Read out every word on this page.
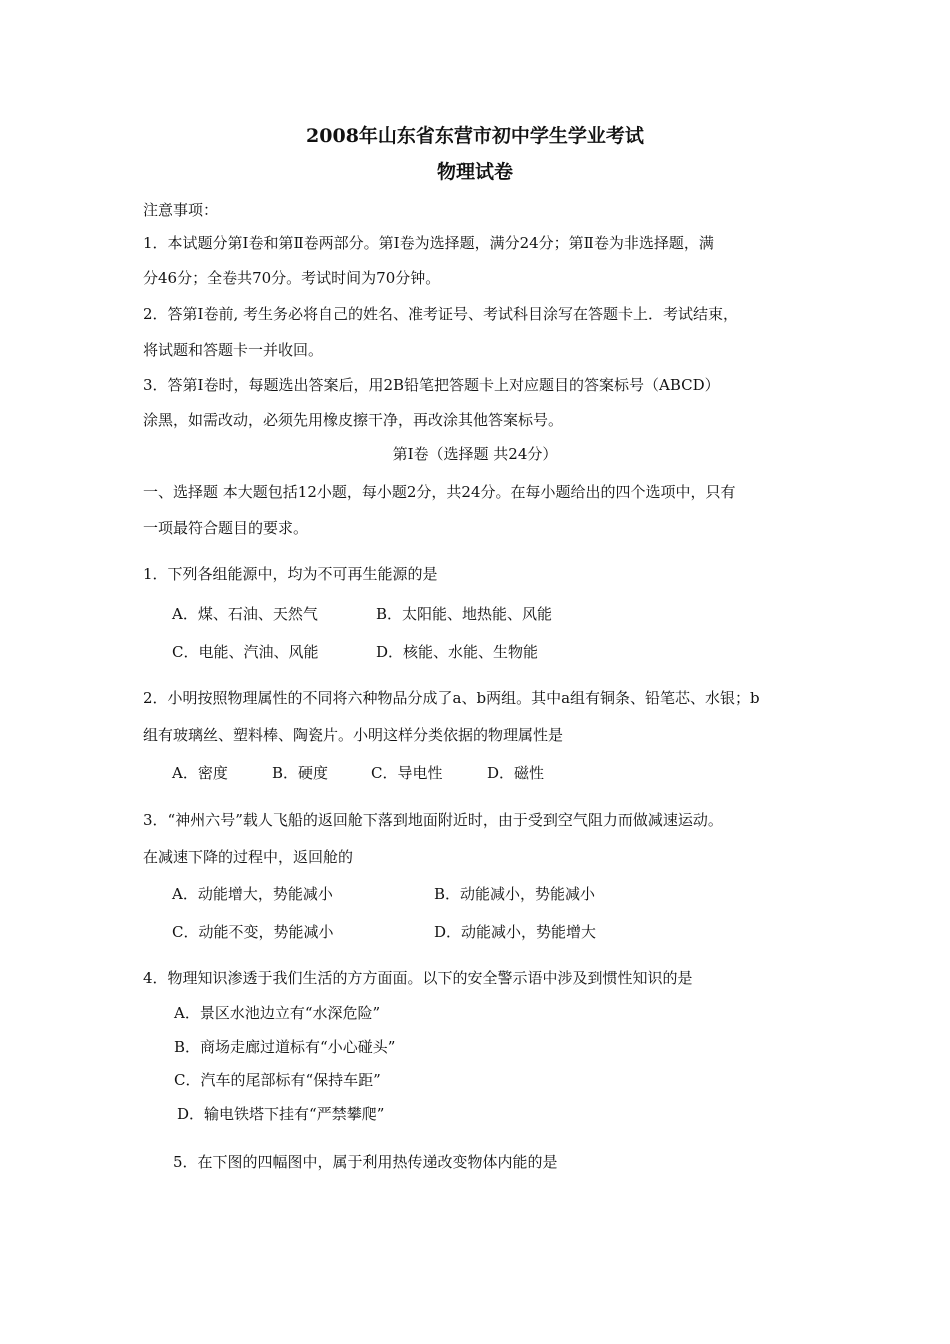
2008年山东省东营市初中学生学业考试
物理试卷
注意事项：
1．本试题分第Ⅰ卷和第Ⅱ卷两部分。第Ⅰ卷为选择题，满分24分；第Ⅱ卷为非选择题，满
分46分；全卷共70分。考试时间为70分钟。
2．答第Ⅰ卷前, 考生务必将自己的姓名、准考证号、考试科目涂写在答题卡上．考试结束，
将试题和答题卡一并收回。
3．答第Ⅰ卷时，每题选出答案后，用2B铅笔把答题卡上对应题目的答案标号（ABCD）
涂黑，如需改动，必须先用橡皮擦干净，再改涂其他答案标号。
第Ⅰ卷（选择题 共24分）
一、选择题 本大题包括12小题，每小题2分，共24分。在每小题给出的四个选项中，只有
一项最符合题目的要求。
1．下列各组能源中，均为不可再生能源的是
A．煤、石油、天然气	B．太阳能、地热能、风能
C．电能、汽油、风能	D．核能、水能、生物能
2．小明按照物理属性的不同将六种物品分成了a、b两组。其中a组有铜条、铅笔芯、水银；b
组有玻璃丝、塑料棒、陶瓷片。小明这样分类依据的物理属性是
A．密度	B．硬度	C．导电性	D．磁性
3．“神州六号”载人飞船的返回舱下落到地面附近时，由于受到空气阻力而做减速运动。
在减速下降的过程中，返回舱的
A．动能增大，势能减小	B．动能减小，势能减小
C．动能不变，势能减小	D．动能减小，势能增大
4．物理知识渗透于我们生活的方方面面。以下的安全警示语中涉及到惯性知识的是
A．景区水池边立有“水深危险”
B．商场走廊过道标有“小心碰头”
C．汽车的尾部标有“保持车距”
D．输电铁塔下挂有“严禁攀爬”
5．在下图的四幅图中，属于利用热传递改变物体内能的是
